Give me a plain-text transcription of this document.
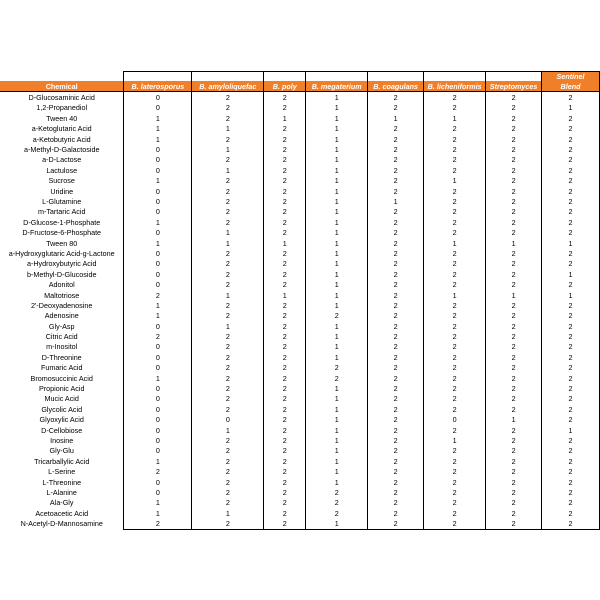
								Sentinel
Chemical	B. laterosporus	B. amyloliquefac	B. poly	B. megaterium	B. coagulans	B. licheniformis	Streptomyces	Blend
D-Glucosaminic Acid	0	2	2	1	2	2	2	2
1,2-Propanediol	0	2	2	1	2	2	2	1
Tween 40	1	2	1	1	1	1	2	2
a-Ketoglutaric Acid	1	1	2	1	2	2	2	2
a-Ketobutyric Acid	1	2	2	1	2	2	2	2
a-Methyl-D-Galactoside	0	1	2	1	2	2	2	2
a-D-Lactose	0	2	2	1	2	2	2	2
Lactulose	0	1	2	1	2	2	2	2
Sucrose	1	2	2	1	2	1	2	2
Uridine	0	2	2	1	2	2	2	2
L-Glutamine	0	2	2	1	1	2	2	2
m-Tartaric Acid	0	2	2	1	2	2	2	2
D-Glucose-1-Phosphate	1	2	2	1	2	2	2	2
D-Fructose-6-Phosphate	0	1	2	1	2	2	2	2
Tween 80	1	1	1	1	2	1	1	1
a-Hydroxyglutaric Acid-g-Lactone	0	2	2	1	2	2	2	2
a-Hydroxybutyric Acid	0	2	2	1	2	2	2	2
b-Methyl-D-Glucoside	0	2	2	1	2	2	2	1
Adonitol	0	2	2	1	2	2	2	2
Maltotriose	2	1	1	1	2	1	1	1
2'-Deoxyadenosine	1	2	2	1	2	2	2	2
Adenosine	1	2	2	2	2	2	2	2
Gly-Asp	0	1	2	1	2	2	2	2
Citric Acid	2	2	2	1	2	2	2	2
m-Inositol	0	2	2	1	2	2	2	2
D-Threonine	0	2	2	1	2	2	2	2
Fumaric Acid	0	2	2	2	2	2	2	2
Bromosuccinic Acid	1	2	2	2	2	2	2	2
Propionic Acid	0	2	2	1	2	2	2	2
Mucic Acid	0	2	2	1	2	2	2	2
Glycolic Acid	0	2	2	1	2	2	2	2
Glyoxylic Acid	0	0	2	1	2	0	1	2
D-Cellobiose	0	1	2	1	2	2	2	1
Inosine	0	2	2	1	2	1	2	2
Gly-Glu	0	2	2	1	2	2	2	2
Tricarballylic Acid	1	2	2	1	2	2	2	2
L-Serine	2	2	2	1	2	2	2	2
L-Threonine	0	2	2	1	2	2	2	2
L-Alanine	0	2	2	2	2	2	2	2
Ala-Gly	1	2	2	2	2	2	2	2
Acetoacetic Acid	1	1	2	2	2	2	2	2
N-Acetyl-D-Mannosamine	2	2	2	1	2	2	2	2
